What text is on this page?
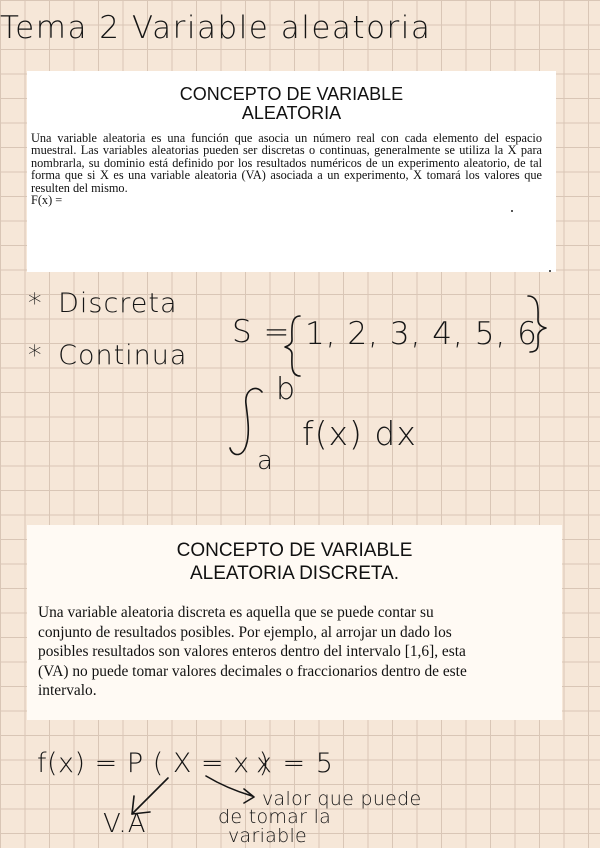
Tema 2 Variable aleatoria
CONCEPTO DE VARIABLE
ALEATORIA

Una variable aleatoria es una función que asocia un número real con cada elemento del espacio muestral. Las variables aleatorias pueden ser discretas o continuas, generalmente se utiliza la X para nombrarla, su dominio está definido por los resultados numéricos de un experimento aleatorio, de tal forma que si X es una variable aleatoria (VA) asociada a un experimento, X tomará los valores que resulten del mismo.
F(x) =

* Discreta
* Continua
S = 1, 2, 3, 4, 5, 6
b
a
f(x) dx
CONCEPTO DE VARIABLE
ALEATORIA DISCRETA.

Una variable aleatoria discreta es aquella que se puede contar su
conjunto de resultados posibles. Por ejemplo, al arrojar un dado los
posibles resultados son valores enteros dentro del intervalo [1,6], esta
(VA) no puede tomar valores decimales o fraccionarios dentro de este
intervalo.

f(x) = P ( X = x )
x = 5
V.A
valor que puede
de tomar la
variable
